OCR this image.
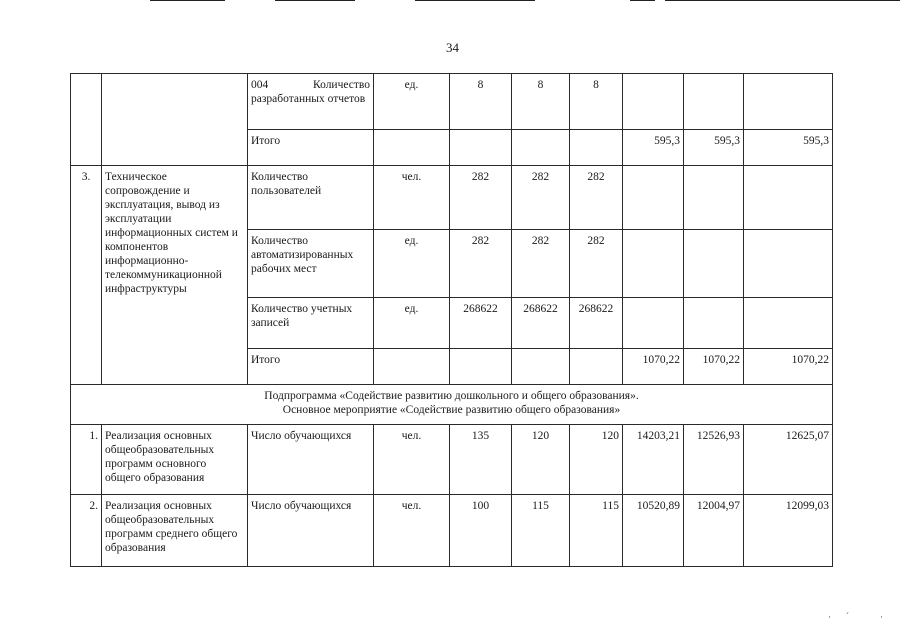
34
		004 Количество разработанных отчетов	ед.	8	8	8			
		Итого					595,3	595,3	595,3
3.	Техническое сопровождение и эксплуатация, вывод из эксплуатации информационных систем и компонентов информационно-телекоммуникационной инфраструктуры	Количество пользователей	чел.	282	282	282			
		Количество автоматизированных рабочих мест	ед.	282	282	282			
		Количество учетных записей	ед.	268622	268622	268622			
		Итого					1070,22	1070,22	1070,22

Подпрограмма «Содействие развитию дошкольного и общего образования».
Основное мероприятие «Содействие развитию общего образования»									

1.	Реализация основных общеобразовательных программ основного общего образования	Число обучающихся	чел.	135	120	120	14203,21	12526,93	12625,07
2.	Реализация основных общеобразовательных программ среднего общего образования	Число обучающихся	чел.	100	115	115	10520,89	12004,97	12099,03
· ´	·
